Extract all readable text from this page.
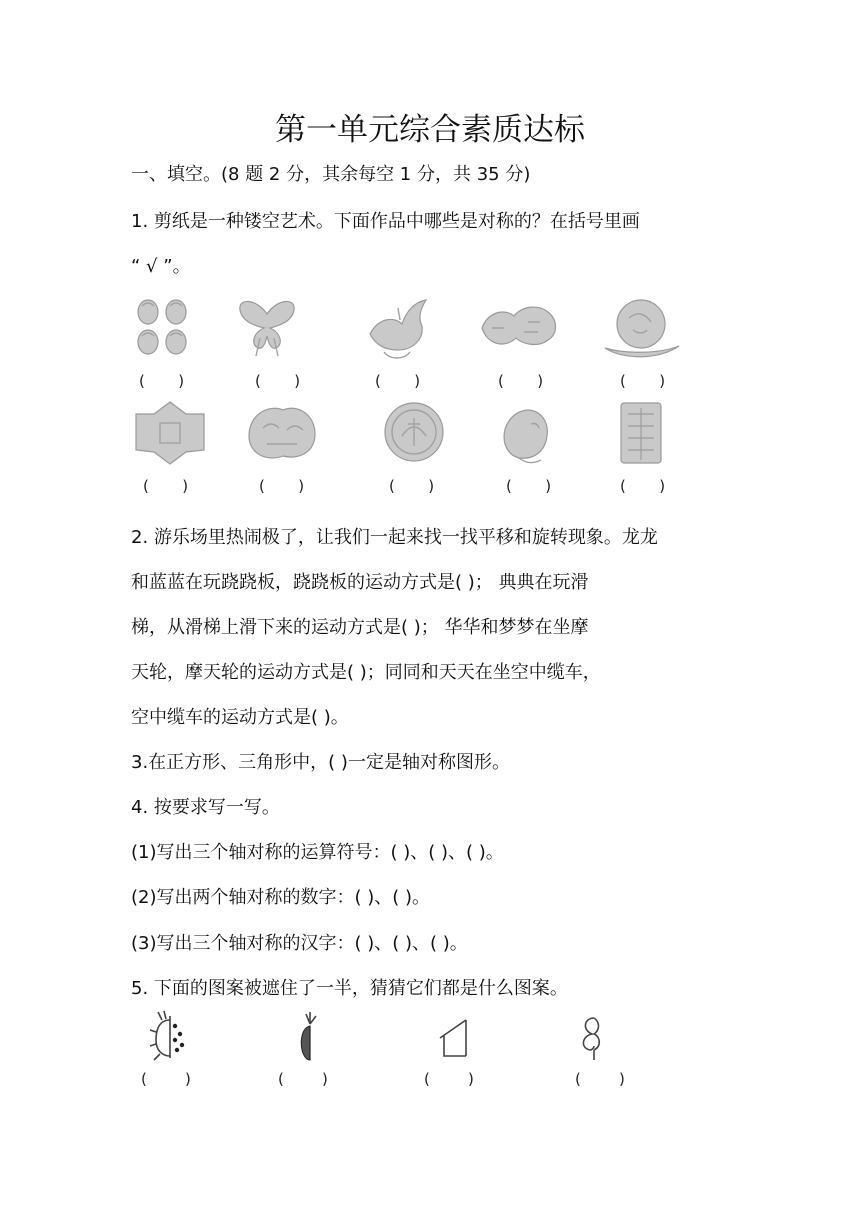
第一单元综合素质达标
一、填空。(8 题 2 分，其余每空 1 分，共 35 分)
1. 剪纸是一种镂空艺术。下面作品中哪些是对称的？在括号里画
“ √ ”。
(       )	(       )	(       )	(       )	(       )
(       )	(       )	(       )	(       )	(       )
2. 游乐场里热闹极了，让我们一起来找一找平移和旋转现象。龙龙
和蓝蓝在玩跷跷板，跷跷板的运动方式是( )； 典典在玩滑
梯，从滑梯上滑下来的运动方式是( )； 华华和梦梦在坐摩
天轮，摩天轮的运动方式是( )；同同和天天在坐空中缆车，
空中缆车的运动方式是( )。
3.在正方形、三角形中，( )一定是轴对称图形。
4. 按要求写一写。
(1)写出三个轴对称的运算符号：( )、( )、( )。
(2)写出两个轴对称的数字：( )、( )。
(3)写出三个轴对称的汉字：( )、( )、( )。
5. 下面的图案被遮住了一半，猜猜它们都是什么图案。
(        )	(        )	(        )	(        )
